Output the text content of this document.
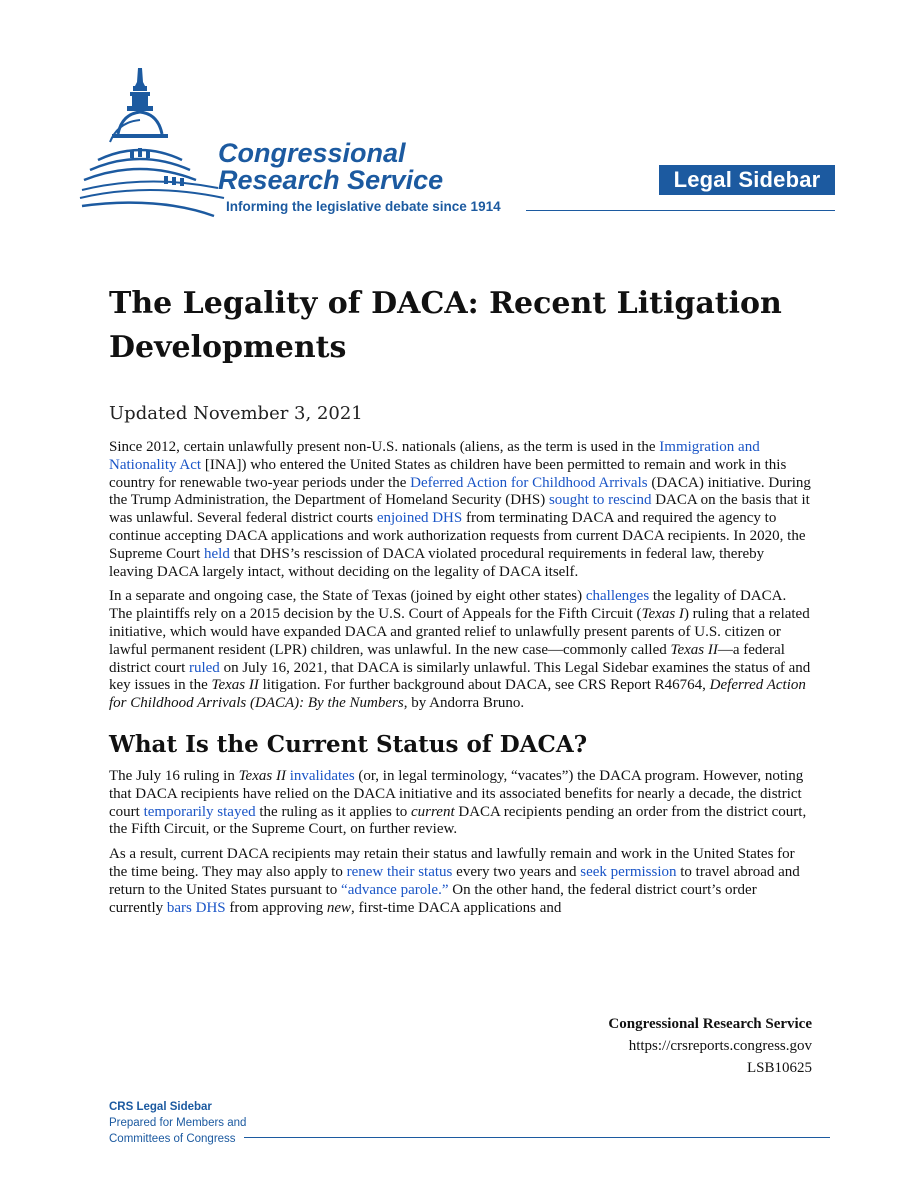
Congressional
Research Service
Informing the legislative debate since 1914
Legal Sidebar
The Legality of DACA: Recent Litigation Developments
Updated November 3, 2021

Since 2012, certain unlawfully present non-U.S. nationals (aliens, as the term is used in the Immigration and Nationality Act [INA]) who entered the United States as children have been permitted to remain and work in this country for renewable two-year periods under the Deferred Action for Childhood Arrivals (DACA) initiative. During the Trump Administration, the Department of Homeland Security (DHS) sought to rescind DACA on the basis that it was unlawful. Several federal district courts enjoined DHS from terminating DACA and required the agency to continue accepting DACA applications and work authorization requests from current DACA recipients. In 2020, the Supreme Court held that DHS’s rescission of DACA violated procedural requirements in federal law, thereby leaving DACA largely intact, without deciding on the legality of DACA itself.

In a separate and ongoing case, the State of Texas (joined by eight other states) challenges the legality of DACA. The plaintiffs rely on a 2015 decision by the U.S. Court of Appeals for the Fifth Circuit (Texas I) ruling that a related initiative, which would have expanded DACA and granted relief to unlawfully present parents of U.S. citizen or lawful permanent resident (LPR) children, was unlawful. In the new case—commonly called Texas II—a federal district court ruled on July 16, 2021, that DACA is similarly unlawful. This Legal Sidebar examines the status of and key issues in the Texas II litigation. For further background about DACA, see CRS Report R46764, Deferred Action for Childhood Arrivals (DACA): By the Numbers, by Andorra Bruno.

What Is the Current Status of DACA?

The July 16 ruling in Texas II invalidates (or, in legal terminology, “vacates”) the DACA program. However, noting that DACA recipients have relied on the DACA initiative and its associated benefits for nearly a decade, the district court temporarily stayed the ruling as it applies to current DACA recipients pending an order from the district court, the Fifth Circuit, or the Supreme Court, on further review.

As a result, current DACA recipients may retain their status and lawfully remain and work in the United States for the time being. They may also apply to renew their status every two years and seek permission to travel abroad and return to the United States pursuant to “advance parole.” On the other hand, the federal district court’s order currently bars DHS from approving new, first-time DACA applications and

Congressional Research Service
https://crsreports.congress.gov
LSB10625
CRS Legal Sidebar
Prepared for Members and
Committees of Congress
